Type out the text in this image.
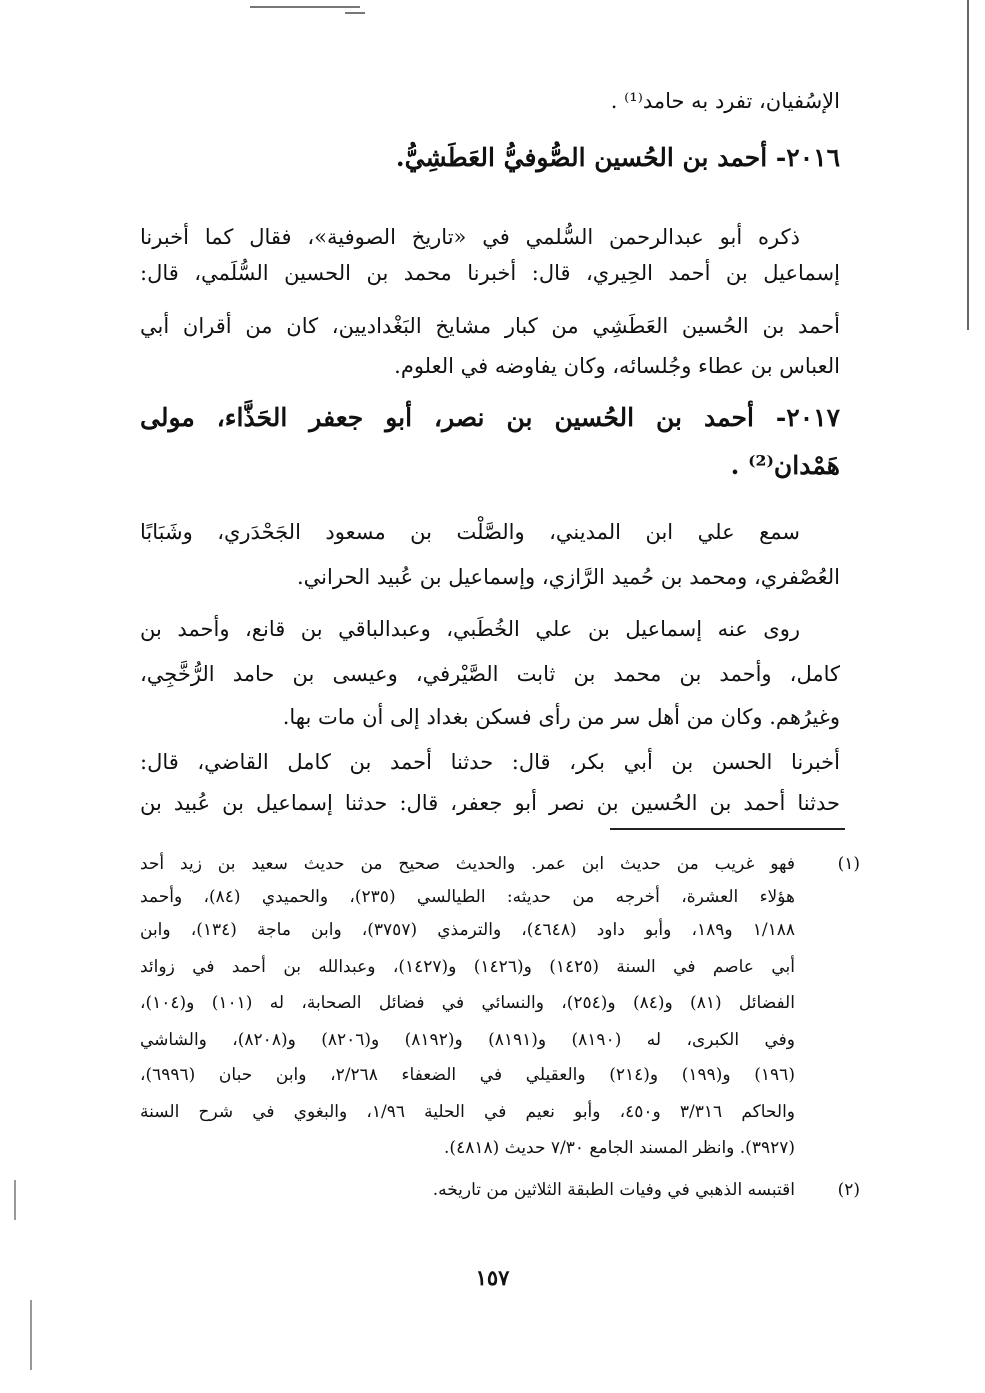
الإسُفيان، تفرد به حامد⁽¹⁾ .
٢٠١٦- أحمد بن الحُسين الصُّوفيُّ العَطَشِيُّ.
ذكره أبو عبدالرحمن السُّلمي في «تاريخ الصوفية»، فقال كما أخبرنا
إسماعيل بن أحمد الحِيري، قال: أخبرنا محمد بن الحسين السُّلَمي، قال:
أحمد بن الحُسين العَطَشِي من كبار مشايخ البَغْداديين، كان من أقران أبي
العباس بن عطاء وجُلسائه، وكان يفاوضه في العلوم.
٢٠١٧- أحمد بن الحُسين بن نصر، أبو جعفر الحَذَّاء، مولى
هَمْدان⁽²⁾ .
سمع علي ابن المديني، والصَّلْت بن مسعود الجَحْدَري، وشَبَابًا
العُصْفري، ومحمد بن حُميد الرَّازي، وإسماعيل بن عُبيد الحراني.
روى عنه إسماعيل بن علي الخُطَبي، وعبدالباقي بن قانع، وأحمد بن
كامل، وأحمد بن محمد بن ثابت الصَّيْرفي، وعيسى بن حامد الرُّخَّجِي،
وغيرُهم. وكان من أهل سر من رأى فسكن بغداد إلى أن مات بها.
أخبرنا الحسن بن أبي بكر، قال: حدثنا أحمد بن كامل القاضي، قال:
حدثنا أحمد بن الحُسين بن نصر أبو جعفر، قال: حدثنا إسماعيل بن عُبيد بن
(١)
فهو غريب من حديث ابن عمر. والحديث صحيح من حديث سعيد بن زيد أحد
هؤلاء العشرة، أخرجه من حديثه: الطيالسي (٢٣٥)، والحميدي (٨٤)، وأحمد
١/١٨٨ و١٨٩، وأبو داود (٤٦٤٨)، والترمذي (٣٧٥٧)، وابن ماجة (١٣٤)، وابن
أبي عاصم في السنة (١٤٢٥) و(١٤٢٦) و(١٤٢٧)، وعبدالله بن أحمد في زوائد
الفضائل (٨١) و(٨٤) و(٢٥٤)، والنسائي في فضائل الصحابة، له (١٠١) و(١٠٤)،
وفي الكبرى، له (٨١٩٠) و(٨١٩١) و(٨١٩٢) و(٨٢٠٦) و(٨٢٠٨)، والشاشي
(١٩٦) و(١٩٩) و(٢١٤) والعقيلي في الضعفاء ٢/٢٦٨، وابن حبان (٦٩٩٦)،
والحاكم ٣/٣١٦ و٤٥٠، وأبو نعيم في الحلية ١/٩٦، والبغوي في شرح السنة
(٣٩٢٧). وانظر المسند الجامع ٧/٣٠ حديث (٤٨١٨).
(٢)
اقتبسه الذهبي في وفيات الطبقة الثلاثين من تاريخه.
١٥٧
